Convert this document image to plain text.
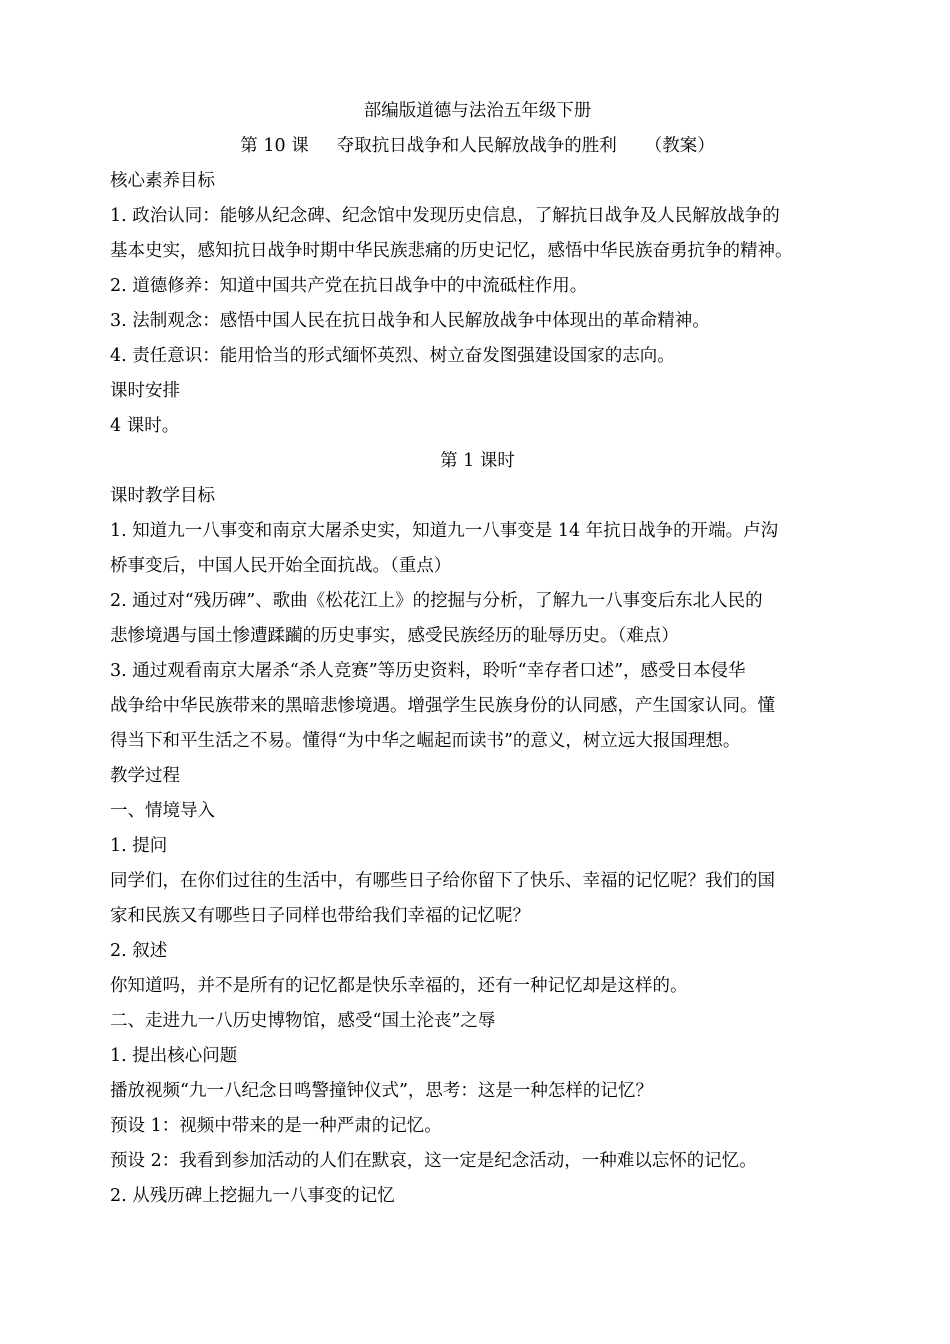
部编版道德与法治五年级下册
第 10 课 夺取抗日战争和人民解放战争的胜利 （教案）
核心素养目标
1. 政治认同：能够从纪念碑、纪念馆中发现历史信息，了解抗日战争及人民解放战争的
基本史实，感知抗日战争时期中华民族悲痛的历史记忆，感悟中华民族奋勇抗争的精神。
2. 道德修养：知道中国共产党在抗日战争中的中流砥柱作用。
3. 法制观念：感悟中国人民在抗日战争和人民解放战争中体现出的革命精神。
4. 责任意识：能用恰当的形式缅怀英烈、树立奋发图强建设国家的志向。
课时安排
4 课时。
第 1 课时
课时教学目标
1. 知道九一八事变和南京大屠杀史实，知道九一八事变是 14 年抗日战争的开端。卢沟
桥事变后，中国人民开始全面抗战。（重点）
2. 通过对“残历碑”、歌曲《松花江上》的挖掘与分析，了解九一八事变后东北人民的
悲惨境遇与国土惨遭蹂躏的历史事实，感受民族经历的耻辱历史。（难点）
3. 通过观看南京大屠杀“杀人竞赛”等历史资料，聆听“幸存者口述”，感受日本侵华
战争给中华民族带来的黑暗悲惨境遇。增强学生民族身份的认同感，产生国家认同。懂
得当下和平生活之不易。懂得“为中华之崛起而读书”的意义，树立远大报国理想。
教学过程
一、情境导入
1. 提问
同学们，在你们过往的生活中，有哪些日子给你留下了快乐、幸福的记忆呢？我们的国
家和民族又有哪些日子同样也带给我们幸福的记忆呢？
2. 叙述
你知道吗，并不是所有的记忆都是快乐幸福的，还有一种记忆却是这样的。
二、走进九一八历史博物馆，感受“国土沦丧”之辱
1. 提出核心问题
播放视频“九一八纪念日鸣警撞钟仪式”，思考：这是一种怎样的记忆？
预设 1：视频中带来的是一种严肃的记忆。
预设 2：我看到参加活动的人们在默哀，这一定是纪念活动，一种难以忘怀的记忆。
2. 从残历碑上挖掘九一八事变的记忆
